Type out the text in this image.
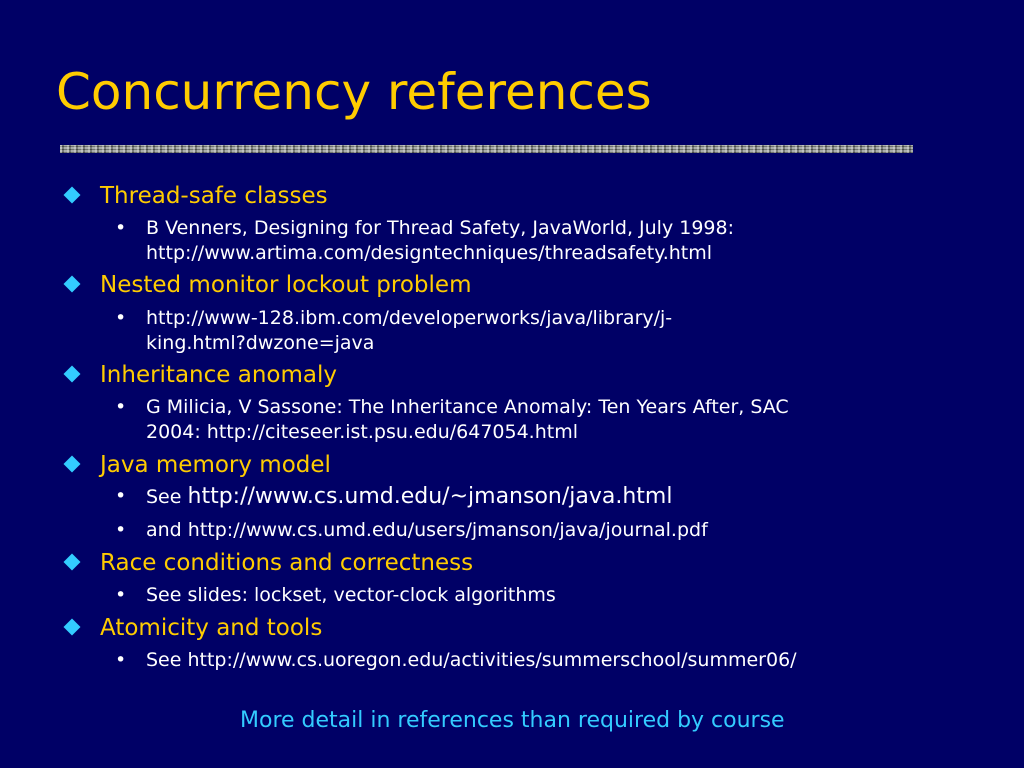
Concurrency references
Thread-safe classes
• B Venners, Designing for Thread Safety, JavaWorld, July 1998:
http://www.artima.com/designtechniques/threadsafety.html
Nested monitor lockout problem
• http://www-128.ibm.com/developerworks/java/library/j-
king.html?dwzone=java
Inheritance anomaly
• G Milicia, V Sassone: The Inheritance Anomaly: Ten Years After, SAC
2004: http://citeseer.ist.psu.edu/647054.html
Java memory model
• See http://www.cs.umd.edu/~jmanson/java.html
• and http://www.cs.umd.edu/users/jmanson/java/journal.pdf
Race conditions and correctness
• See slides: lockset, vector-clock algorithms
Atomicity and tools
• See http://www.cs.uoregon.edu/activities/summerschool/summer06/
More detail in references than required by course
